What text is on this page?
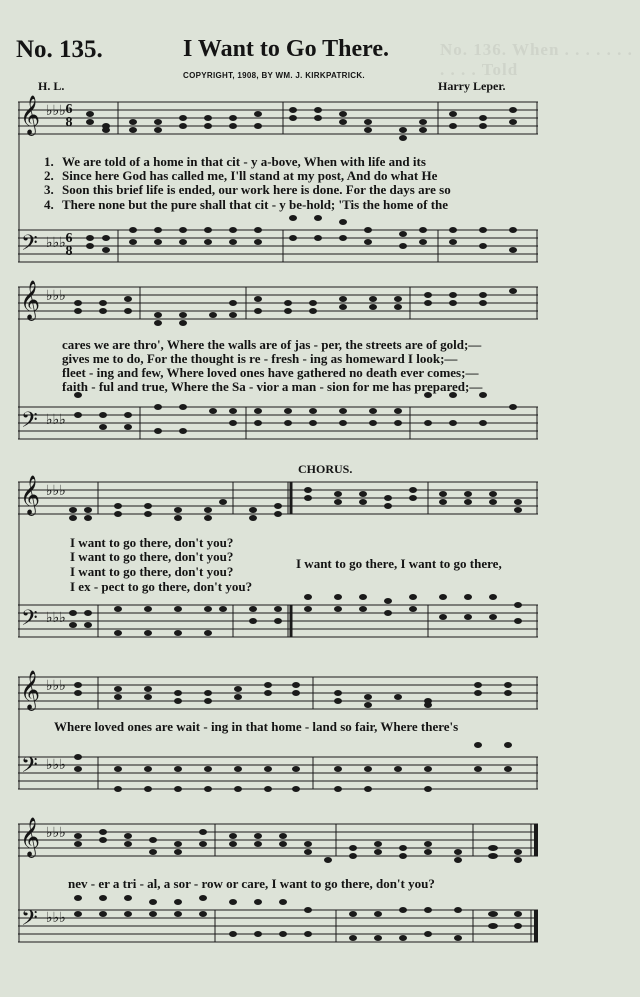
No. 136. When . . . . . . . . . . . Told
No. 135.	I Want to Go There.
COPYRIGHT, 1908, BY WM. J. KIRKPATRICK.
H. L.	Harry Leper.
𝄞 ♭♭♭ 6
8
𝄢 ♭♭♭ 6
8
1. We are told of a home in that cit - y a-bove, When with life and its
2. Since here God has called me, I'll stand at my post, And do what He
3. Soon this brief life is ended, our work here is done. For the days are so
4. There none but the pure shall that cit - y be-hold; 'Tis the home of the
𝄞 ♭♭♭
𝄢 ♭♭♭
cares we are thro', Where the walls are of jas - per, the streets are of gold;—
gives me to do, For the thought is re - fresh - ing as homeward I look;—
fleet - ing and few, Where loved ones have gathered no death ever comes;—
faith - ful and true, Where the Sa - vior a man - sion for me has prepared;—
CHORUS.
𝄞 ♭♭♭
𝄢 ♭♭♭
I want to go there, don't you?
I want to go there, don't you?
I want to go there, don't you?
I ex - pect to go there, don't you?
I want to go there, I want to go there,
𝄞 ♭♭♭
𝄢 ♭♭♭
Where loved ones are wait - ing in that home - land so fair, Where there's
𝄞 ♭♭♭
𝄢 ♭♭♭
nev - er a tri - al, a sor - row or care, I want to go there, don't you?
